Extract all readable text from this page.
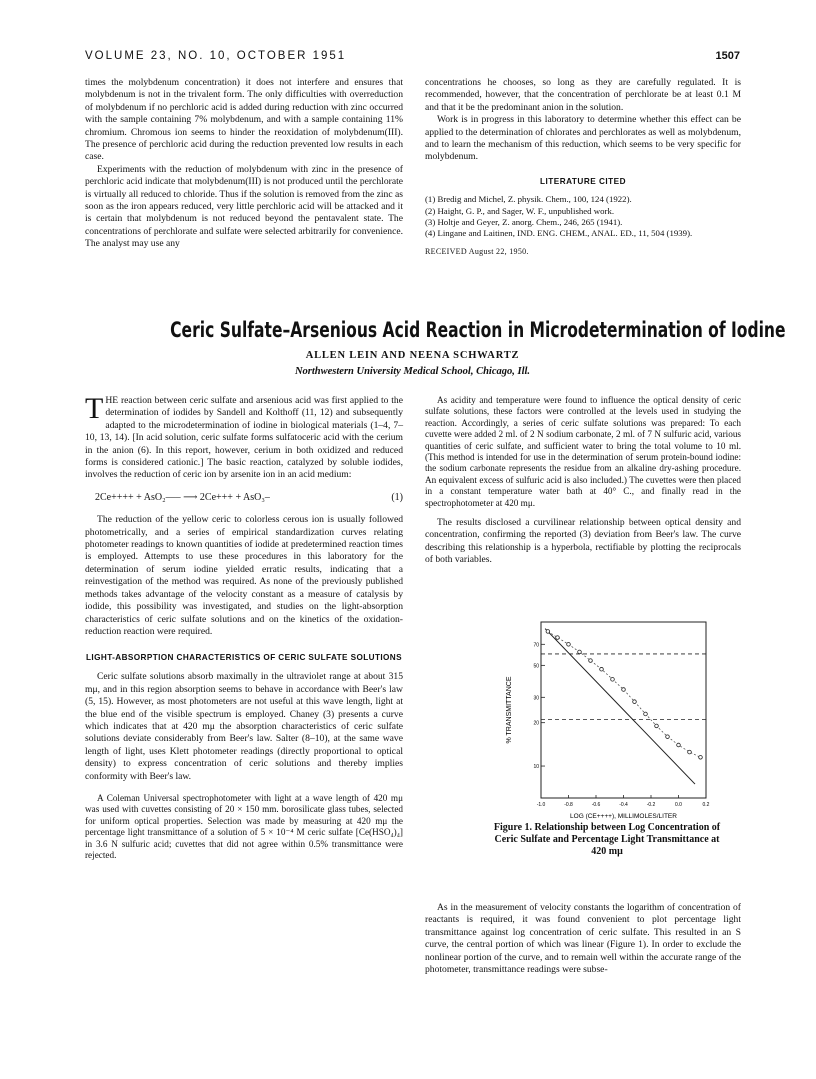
VOLUME 23, NO. 10, OCTOBER 1951	1507

times the molybdenum concentration) it does not interfere and ensures that molybdenum is not in the trivalent form. The only difficulties with overreduction of molybdenum if no perchloric acid is added during reduction with zinc occurred with the sample containing 7% molybdenum, and with a sample containing 11% chromium. Chromous ion seems to hinder the reoxidation of molybdenum(III). The presence of perchloric acid during the reduction prevented low results in each case.

Experiments with the reduction of molybdenum with zinc in the presence of perchloric acid indicate that molybdenum(III) is not produced until the perchlorate is virtually all reduced to chloride. Thus if the solution is removed from the zinc as soon as the iron appears reduced, very little perchloric acid will be attacked and it is certain that molybdenum is not reduced beyond the pentavalent state. The concentrations of perchlorate and sulfate were selected arbitrarily for convenience. The analyst may use any

concentrations he chooses, so long as they are carefully regulated. It is recommended, however, that the concentration of perchlorate be at least 0.1 M and that it be the predominant anion in the solution.

Work is in progress in this laboratory to determine whether this effect can be applied to the determination of chlorates and perchlorates as well as molybdenum, and to learn the mechanism of this reduction, which seems to be very specific for molybdenum.

LITERATURE CITED
(1) Bredig and Michel, Z. physik. Chem., 100, 124 (1922).
(2) Haight, G. P., and Sager, W. F., unpublished work.
(3) Holtje and Geyer, Z. anorg. Chem., 246, 265 (1941).
(4) Lingane and Laitinen, IND. ENG. CHEM., ANAL. ED., 11, 504 (1939).
RECEIVED August 22, 1950.
Ceric Sulfate–Arsenious Acid Reaction in Microdetermination of Iodine
ALLEN LEIN AND NEENA SCHWARTZ
Northwestern University Medical School, Chicago, Ill.

THE reaction between ceric sulfate and arsenious acid was first applied to the determination of iodides by Sandell and Kolthoff (11, 12) and subsequently adapted to the microdetermination of iodine in biological materials (1–4, 7–10, 13, 14). [In acid solution, ceric sulfate forms sulfatoceric acid with the cerium in the anion (6). In this report, however, cerium in both oxidized and reduced forms is considered cationic.] The basic reaction, catalyzed by soluble iodides, involves the reduction of ceric ion by arsenite ion in an acid medium:

2Ce++++ + AsO₂––– ⟶ 2Ce+++ + AsO₃–	(1)

The reduction of the yellow ceric to colorless cerous ion is usually followed photometrically, and a series of empirical standardization curves relating photometer readings to known quantities of iodide at predetermined reaction times is employed. Attempts to use these procedures in this laboratory for the determination of serum iodine yielded erratic results, indicating that a reinvestigation of the method was required. As none of the previously published methods takes advantage of the velocity constant as a measure of catalysis by iodide, this possibility was investigated, and studies on the light-absorption characteristics of ceric sulfate solutions and on the kinetics of the oxidation-reduction reaction were required.

LIGHT-ABSORPTION CHARACTERISTICS OF CERIC SULFATE SOLUTIONS

Ceric sulfate solutions absorb maximally in the ultraviolet range at about 315 mμ, and in this region absorption seems to behave in accordance with Beer's law (5, 15). However, as most photometers are not useful at this wave length, light at the blue end of the visible spectrum is employed. Chaney (3) presents a curve which indicates that at 420 mμ the absorption characteristics of ceric sulfate solutions deviate considerably from Beer's law. Salter (8–10), at the same wave length of light, uses Klett photometer readings (directly proportional to optical density) to express concentration of ceric solutions and thereby implies conformity with Beer's law.

A Coleman Universal spectrophotometer with light at a wave length of 420 mμ was used with cuvettes consisting of 20 × 150 mm. borosilicate glass tubes, selected for uniform optical properties. Selection was made by measuring at 420 mμ the percentage light transmittance of a solution of 5 × 10⁻⁴ M ceric sulfate [Ce(HSO₄)₄] in 3.6 N sulfuric acid; cuvettes that did not agree within 0.5% transmittance were rejected.

As acidity and temperature were found to influence the optical density of ceric sulfate solutions, these factors were controlled at the levels used in studying the reaction. Accordingly, a series of ceric sulfate solutions was prepared: To each cuvette were added 2 ml. of 2 N sodium carbonate, 2 ml. of 7 N sulfuric acid, various quantities of ceric sulfate, and sufficient water to bring the total volume to 10 ml. (This method is intended for use in the determination of serum protein-bound iodine: the sodium carbonate represents the residue from an alkaline dry-ashing procedure. An equivalent excess of sulfuric acid is also included.) The cuvettes were then placed in a constant temperature water bath at 40° C., and finally read in the spectrophotometer at 420 mμ.

The results disclosed a curvilinear relationship between optical density and concentration, confirming the reported (3) deviation from Beer's law. The curve describing this relationship is a hyperbola, rectifiable by plotting the reciprocals of both variables.

70
50
30
20
10
-1.0	-0.8	-0.6	-0.4	-0.2	0.0	0.2
% TRANSMITTANCE
LOG (CE++++), MILLIMOLES/LITER
Figure 1. Relationship between Log Concentration of Ceric Sulfate and Percentage Light Transmittance at 420 mμ

As in the measurement of velocity constants the logarithm of concentration of reactants is required, it was found convenient to plot percentage light transmittance against log concentration of ceric sulfate. This resulted in an S curve, the central portion of which was linear (Figure 1). In order to exclude the nonlinear portion of the curve, and to remain well within the accurate range of the photometer, transmittance readings were subse-
